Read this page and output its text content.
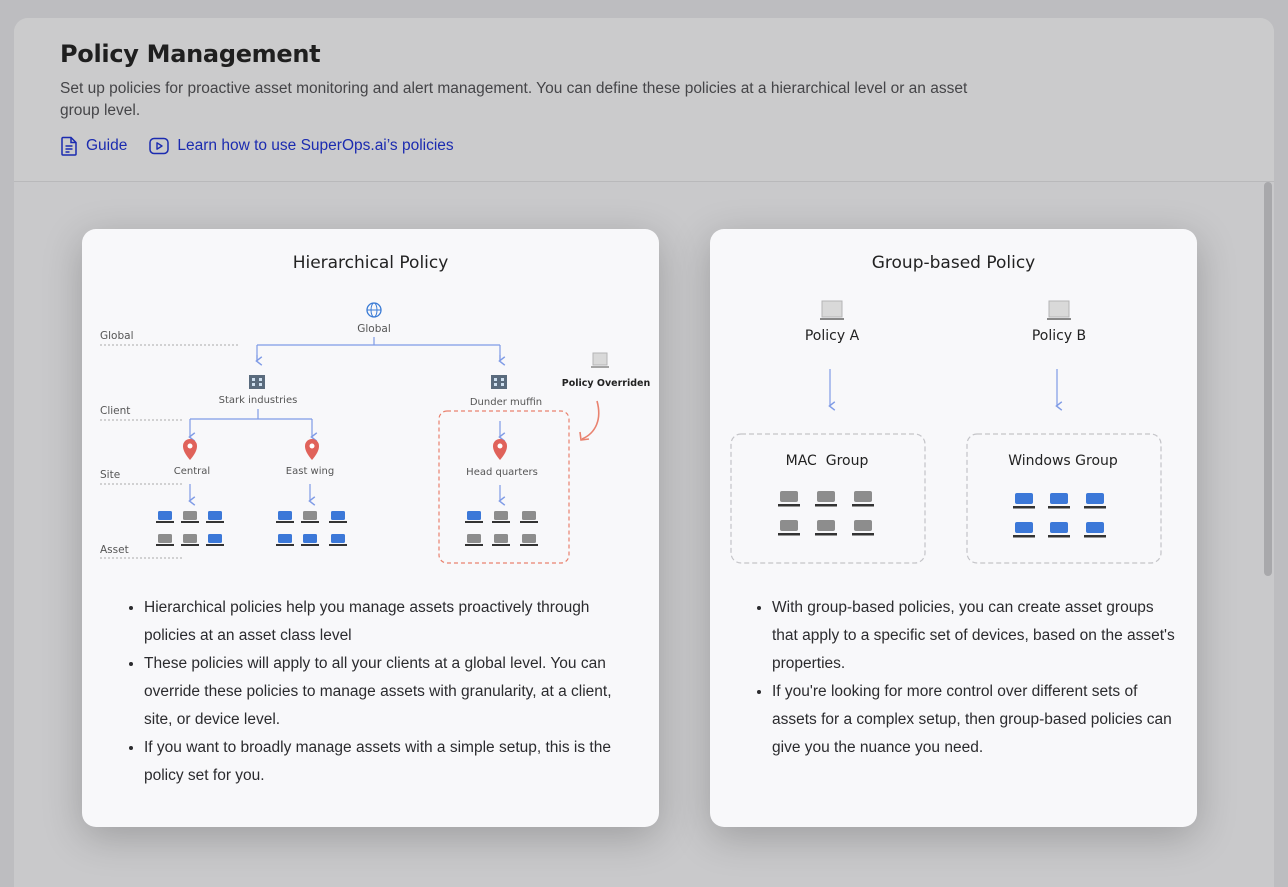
Policy Management
Set up policies for proactive asset monitoring and alert management. You can define these policies at a hierarchical level or an asset group level.
Guide	Learn how to use SuperOps.ai’s policies
Hierarchical Policy
Global
Client
Site
Asset
Global
Stark industries	Dunder muffin
Policy Overriden
Central	East wing	Head quarters
• Hierarchical policies help you manage assets proactively through policies at an asset class level
• These policies will apply to all your clients at a global level. You can override these policies to manage assets with granularity, at a client, site, or device level.
• If you want to broadly manage assets with a simple setup, this is the policy set for you.
Group-based Policy
Policy A	Policy B
MAC  Group	Windows Group
• With group-based policies, you can create asset groups that apply to a specific set of devices, based on the asset's properties.
• If you're looking for more control over different sets of assets for a complex setup, then group-based policies can give you the nuance you need.
